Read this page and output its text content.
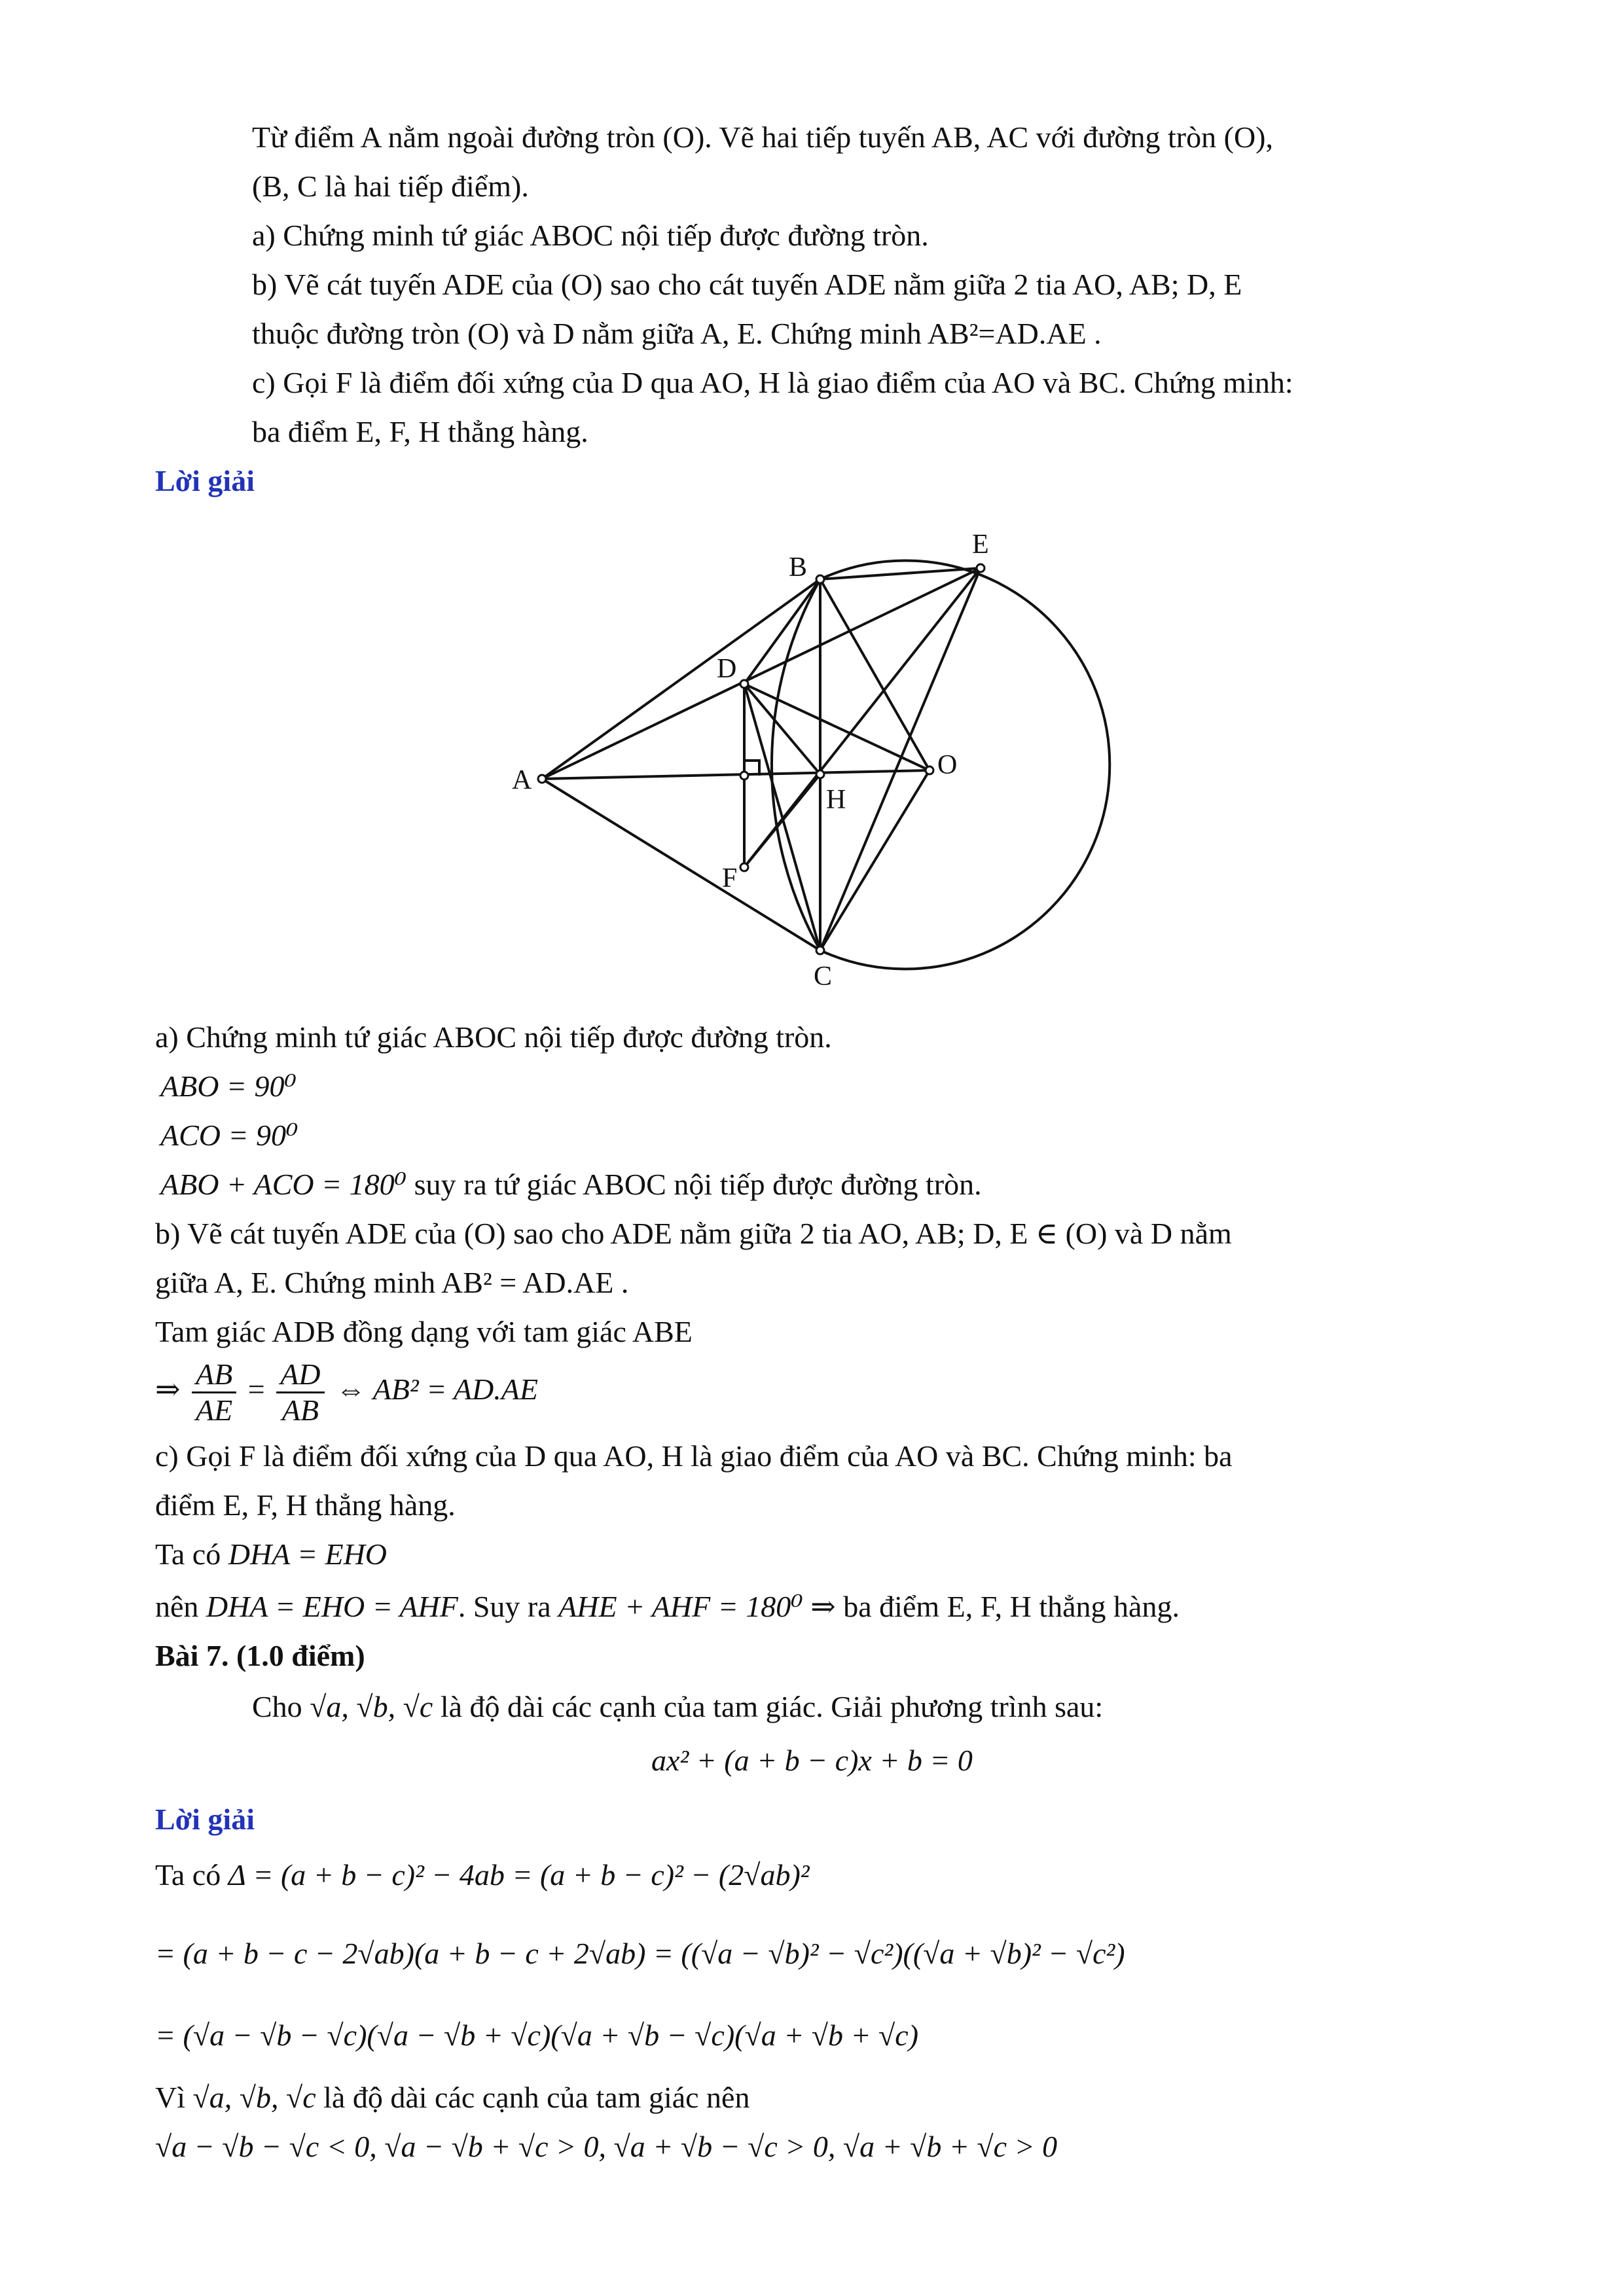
Từ điểm A nằm ngoài đường tròn (O). Vẽ hai tiếp tuyến AB, AC với đường tròn (O),
(B, C là hai tiếp điểm).
a) Chứng minh tứ giác ABOC nội tiếp được đường tròn.
b) Vẽ cát tuyến ADE của (O) sao cho cát tuyến ADE nằm giữa 2 tia AO, AB; D, E
thuộc đường tròn (O) và D nằm giữa A, E. Chứng minh AB²=AD.AE .
c) Gọi F là điểm đối xứng của D qua AO, H là giao điểm của AO và BC. Chứng minh:
ba điểm E, F, H thẳng hàng.
Lời giải
A
B
C
D
E
F
H
O
a) Chứng minh tứ giác ABOC nội tiếp được đường tròn.
ABO = 90⁰
ACO = 90⁰
ABO + ACO = 180⁰ suy ra tứ giác ABOC nội tiếp được đường tròn.
b) Vẽ cát tuyến ADE của (O) sao cho ADE nằm giữa 2 tia AO, AB; D, E ∈ (O) và D nằm
giữa A, E. Chứng minh AB² = AD.AE .
Tam giác ADB đồng dạng với tam giác ABE
⇒ $\frac{AB}{AE} = \frac{AD}{AB}$ ⇔ AB² = AD.AE
c) Gọi F là điểm đối xứng của D qua AO, H là giao điểm của AO và BC. Chứng minh: ba
điểm E, F, H thẳng hàng.
Ta có DHA = EHO
nên DHA = EHO = AHF. Suy ra AHE + AHF = 180⁰ ⇒ ba điểm E, F, H thẳng hàng.
Bài 7. (1.0 điểm)
Cho √a, √b, √c là độ dài các cạnh của tam giác. Giải phương trình sau:
ax² + (a + b − c)x + b = 0
Lời giải
Ta có Δ = (a + b − c)² − 4ab = (a + b − c)² − (2√ab)²
= (a + b − c − 2√ab)(a + b − c + 2√ab) = ((√a − √b)² − √c²)((√a + √b)² − √c²)
= (√a − √b − √c)(√a − √b + √c)(√a + √b − √c)(√a + √b + √c)
Vì √a, √b, √c là độ dài các cạnh của tam giác nên
√a − √b − √c < 0, √a − √b + √c > 0, √a + √b − √c > 0, √a + √b + √c > 0
